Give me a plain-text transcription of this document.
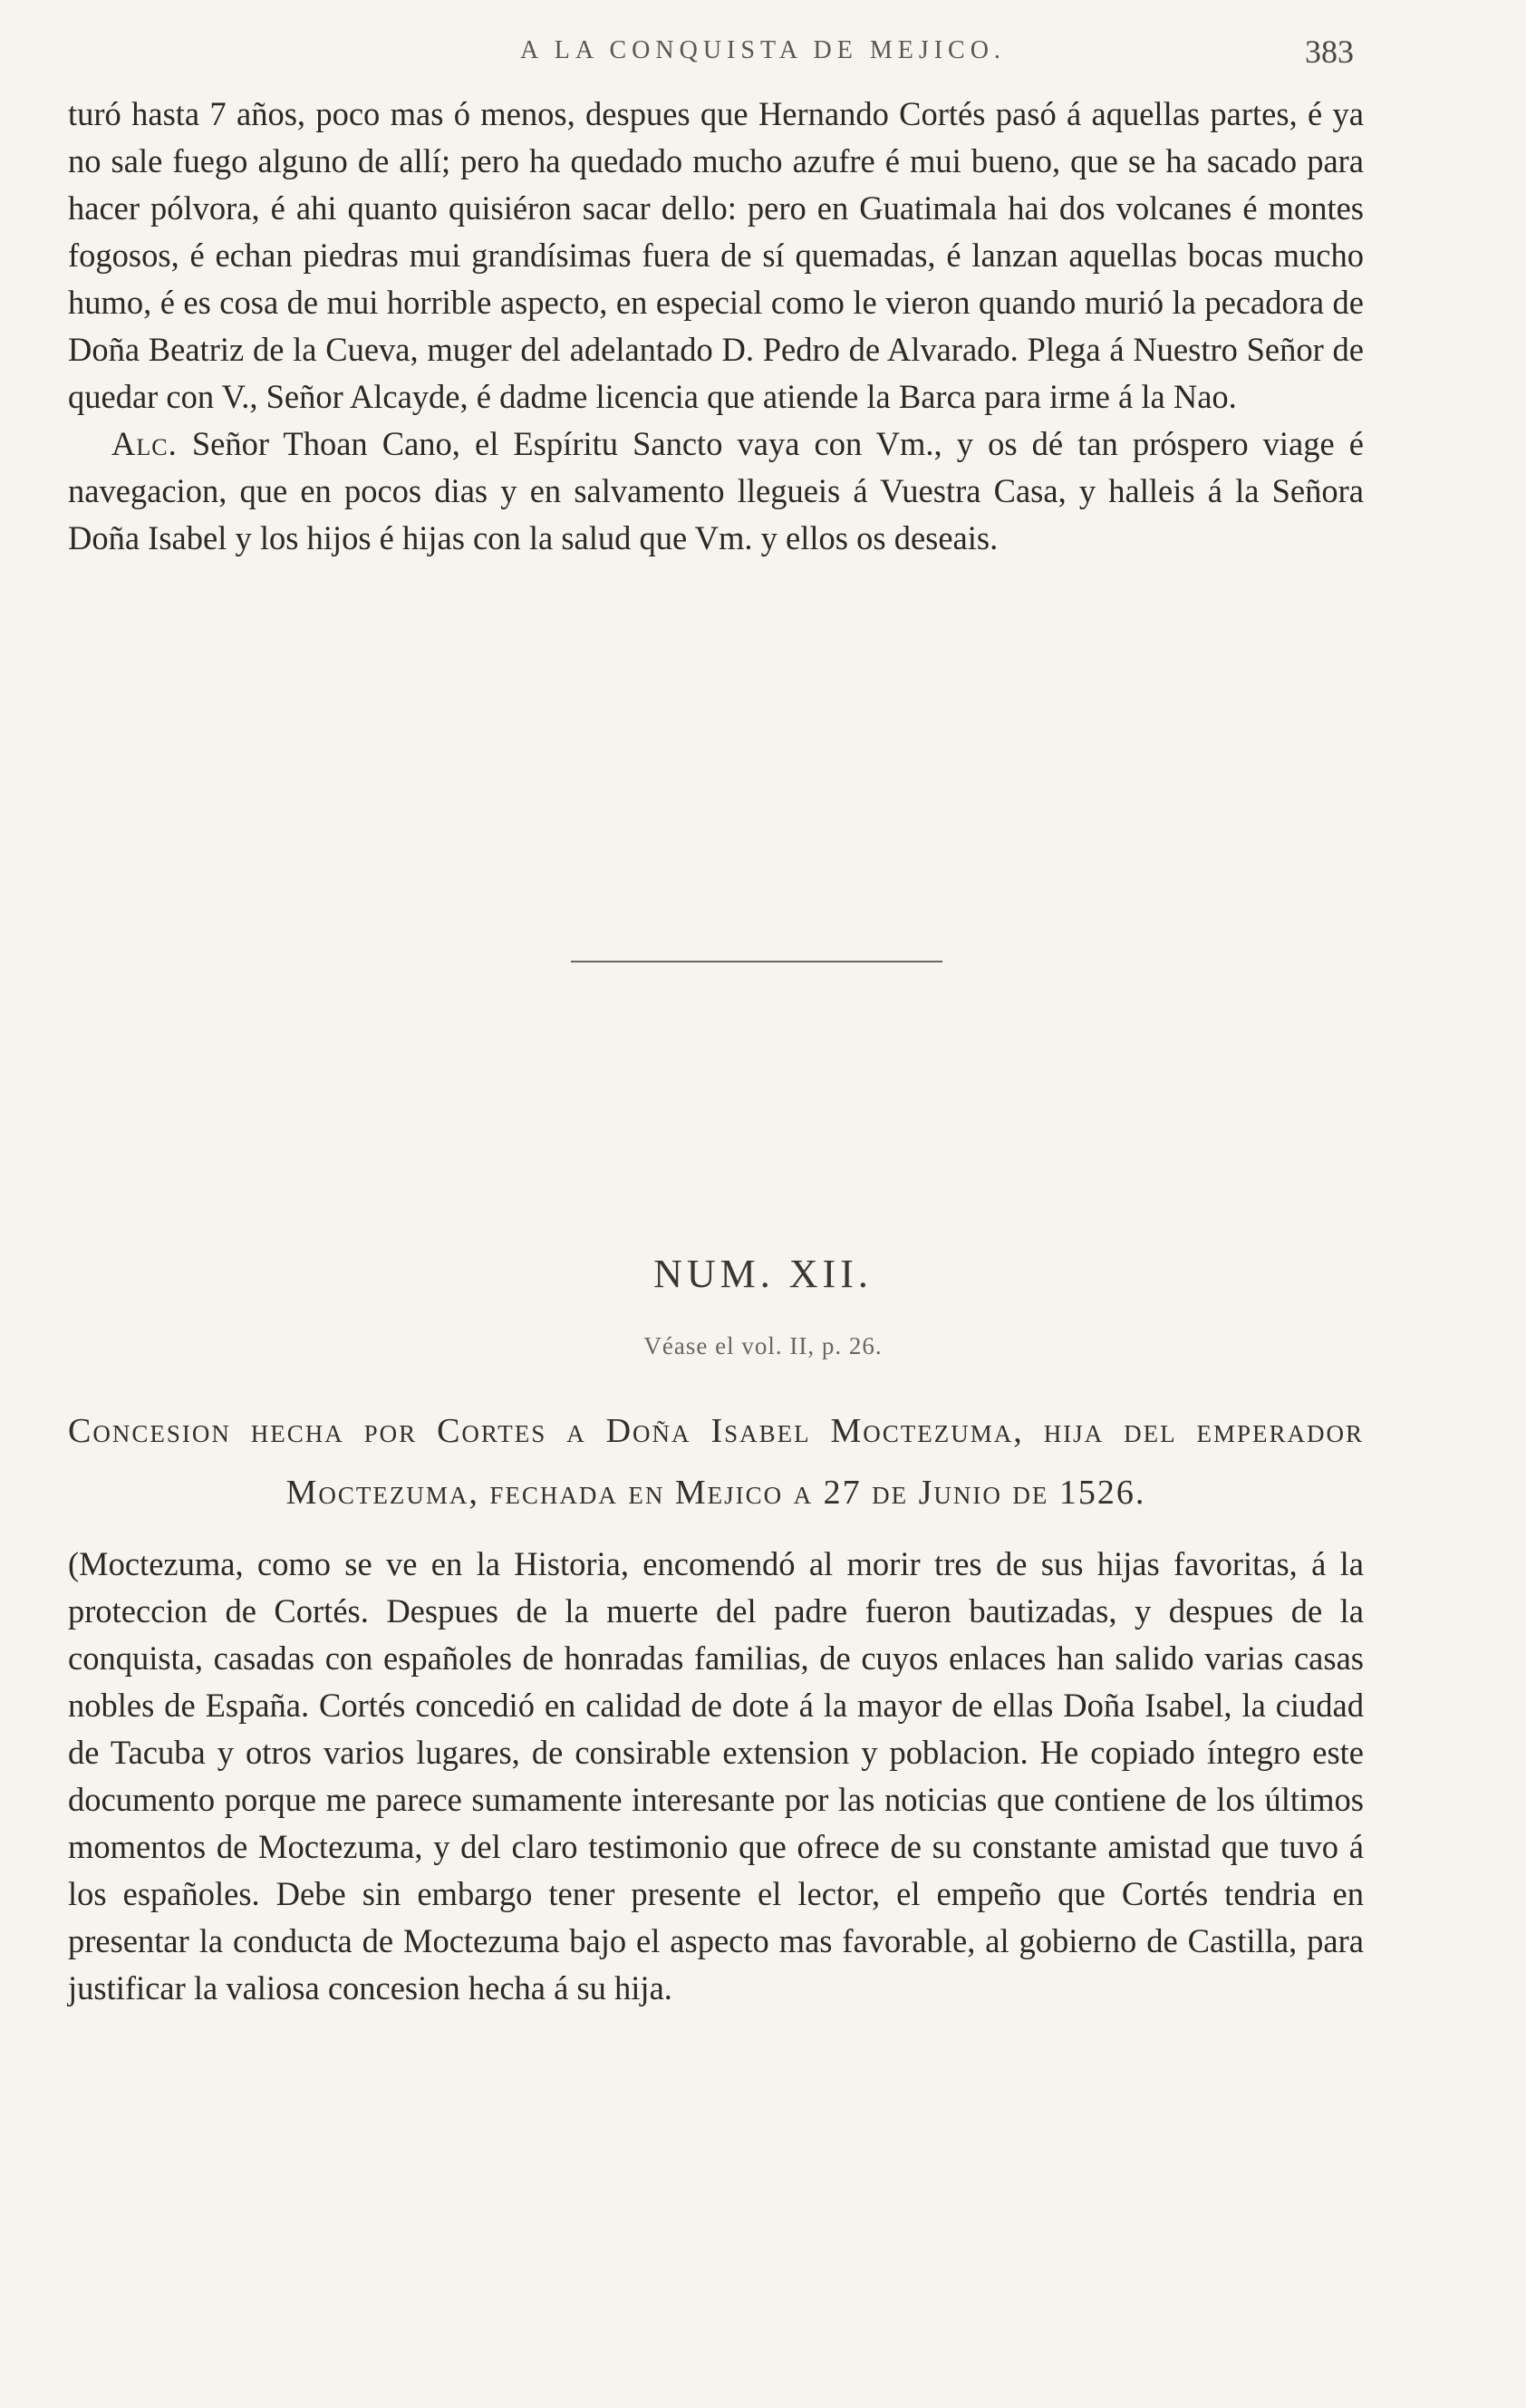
A LA CONQUISTA DE MEJICO.	383

turó hasta 7 años, poco mas ó menos, despues que Hernando Cortés pasó á aquellas partes, é ya no sale fuego alguno de allí; pero ha quedado mucho azufre é mui bueno, que se ha sacado para hacer pólvora, é ahi quanto quisiéron sacar dello: pero en Guatimala hai dos volcanes é montes fogosos, é echan piedras mui grandísimas fuera de sí quemadas, é lanzan aquellas bocas mucho humo, é es cosa de mui horrible aspecto, en especial como le vieron quando murió la pecadora de Doña Beatriz de la Cueva, muger del adelantado D. Pedro de Alvarado. Plega á Nuestro Señor de quedar con V., Señor Alcayde, é dadme licencia que atiende la Barca para irme á la Nao.

Alc. Señor Thoan Cano, el Espíritu Sancto vaya con Vm., y os dé tan próspero viage é navegacion, que en pocos dias y en salvamento llegueis á Vuestra Casa, y halleis á la Señora Doña Isabel y los hijos é hijas con la salud que Vm. y ellos os deseais.

NUM. XII.
Véase el vol. II, p. 26.
Concesion hecha por Cortes a Doña Isabel Moctezuma, hija del emperador Moctezuma, fechada en Mejico a 27 de Junio de 1526.

(Moctezuma, como se ve en la Historia, encomendó al morir tres de sus hijas favoritas, á la proteccion de Cortés. Despues de la muerte del padre fueron bautizadas, y despues de la conquista, casadas con españoles de honradas familias, de cuyos enlaces han salido varias casas nobles de España. Cortés concedió en calidad de dote á la mayor de ellas Doña Isabel, la ciudad de Tacuba y otros varios lugares, de consirable extension y poblacion. He copiado íntegro este documento porque me parece sumamente interesante por las noticias que contiene de los últimos momentos de Moctezuma, y del claro testimonio que ofrece de su constante amistad que tuvo á los españoles. Debe sin embargo tener presente el lector, el empeño que Cortés tendria en presentar la conducta de Moctezuma bajo el aspecto mas favorable, al gobierno de Castilla, para justificar la valiosa concesion hecha á su hija.
